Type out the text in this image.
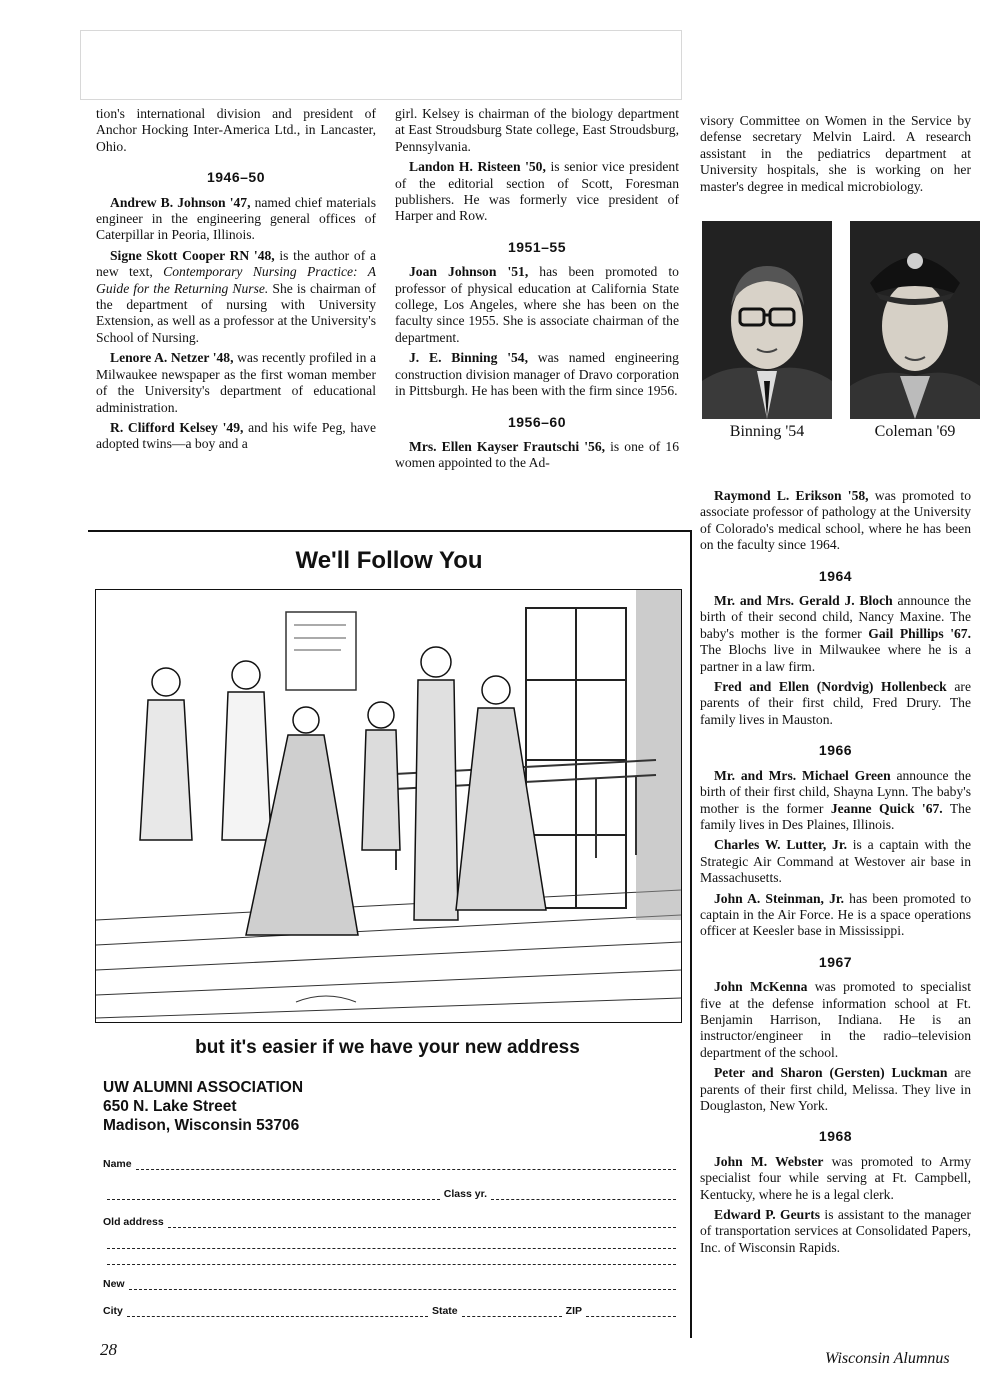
tion's international division and president of Anchor Hocking Inter-America Ltd., in Lancaster, Ohio.

1946–50

Andrew B. Johnson '47, named chief materials engineer in the engineering general offices of Caterpillar in Peoria, Illinois.

Signe Skott Cooper RN '48, is the author of a new text, Contemporary Nursing Practice: A Guide for the Returning Nurse. She is chairman of the department of nursing with University Extension, as well as a professor at the University's School of Nursing.

Lenore A. Netzer '48, was recently profiled in a Milwaukee newspaper as the first woman member of the University's department of educational administration.

R. Clifford Kelsey '49, and his wife Peg, have adopted twins—a boy and a

girl. Kelsey is chairman of the biology department at East Stroudsburg State college, East Stroudsburg, Pennsylvania.

Landon H. Risteen '50, is senior vice president of the editorial section of Scott, Foresman publishers. He was formerly vice president of Harper and Row.

1951–55

Joan Johnson '51, has been promoted to professor of physical education at California State college, Los Angeles, where she has been on the faculty since 1955. She is associate chairman of the department.

J. E. Binning '54, was named engineering construction division manager of Dravo corporation in Pittsburgh. He has been with the firm since 1956.

1956–60

Mrs. Ellen Kayser Frautschi '56, is one of 16 women appointed to the Ad-

visory Committee on Women in the Service by defense secretary Melvin Laird. A research assistant in the pediatrics department at University hospitals, she is working on her master's degree in medical microbiology.

Binning '54	Coleman '69

Raymond L. Erikson '58, was promoted to associate professor of pathology at the University of Colorado's medical school, where he has been on the faculty since 1964.

1964

Mr. and Mrs. Gerald J. Bloch announce the birth of their second child, Nancy Maxine. The baby's mother is the former Gail Phillips '67. The Blochs live in Milwaukee where he is a partner in a law firm.

Fred and Ellen (Nordvig) Hollenbeck are parents of their first child, Fred Drury. The family lives in Mauston.

1966

Mr. and Mrs. Michael Green announce the birth of their first child, Shayna Lynn. The baby's mother is the former Jeanne Quick '67. The family lives in Des Plaines, Illinois.

Charles W. Lutter, Jr. is a captain with the Strategic Air Command at Westover air base in Massachusetts.

John A. Steinman, Jr. has been promoted to captain in the Air Force. He is a space operations officer at Keesler base in Mississippi.

1967

John McKenna was promoted to specialist five at the defense information school at Ft. Benjamin Harrison, Indiana. He is an instructor/engineer in the radio–television department of the school.

Peter and Sharon (Gersten) Luckman are parents of their first child, Melissa. They live in Douglaston, New York.

1968

John M. Webster was promoted to Army specialist four while serving at Ft. Campbell, Kentucky, where he is a legal clerk.

Edward P. Geurts is assistant to the manager of transportation services at Consolidated Papers, Inc. of Wisconsin Rapids.

We'll Follow You
but it's easier if we have your new address
UW ALUMNI ASSOCIATION
650 N. Lake Street
Madison, Wisconsin 53706
Name
Class yr.
Old address
New
City	State	ZIP
28	Wisconsin Alumnus
